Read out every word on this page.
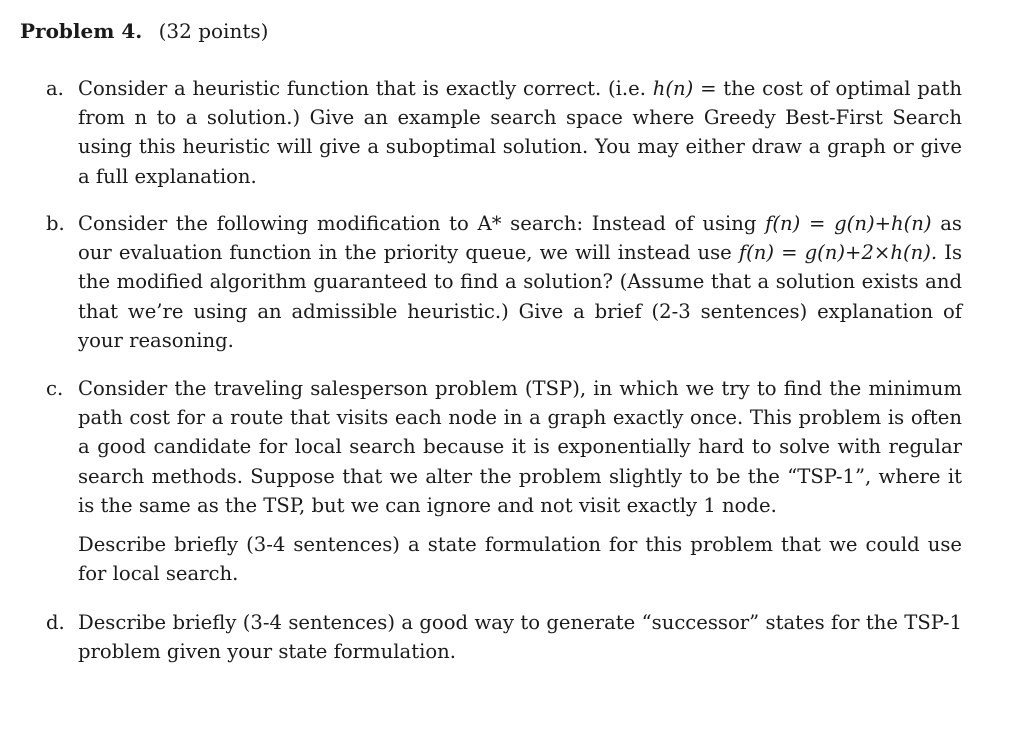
Problem 4. (32 points)
a. Consider a heuristic function that is exactly correct. (i.e. h(n) = the cost of optimal path from n to a solution.) Give an example search space where Greedy Best-First Search using this heuristic will give a suboptimal solution. You may either draw a graph or give a full explanation.

b. Consider the following modification to A* search: Instead of using f(n) = g(n)+h(n) as our evaluation function in the priority queue, we will instead use f(n) = g(n)+2×h(n). Is the modified algorithm guaranteed to find a solution? (Assume that a solution exists and that we’re using an admissible heuristic.) Give a brief (2-3 sentences) explanation of your reasoning.

c. Consider the traveling salesperson problem (TSP), in which we try to find the minimum path cost for a route that visits each node in a graph exactly once. This problem is often a good candidate for local search because it is exponentially hard to solve with regular search methods. Suppose that we alter the problem slightly to be the “TSP-1”, where it is the same as the TSP, but we can ignore and not visit exactly 1 node.

Describe briefly (3-4 sentences) a state formulation for this problem that we could use for local search.

d. Describe briefly (3-4 sentences) a good way to generate “successor” states for the TSP-1 problem given your state formulation.
